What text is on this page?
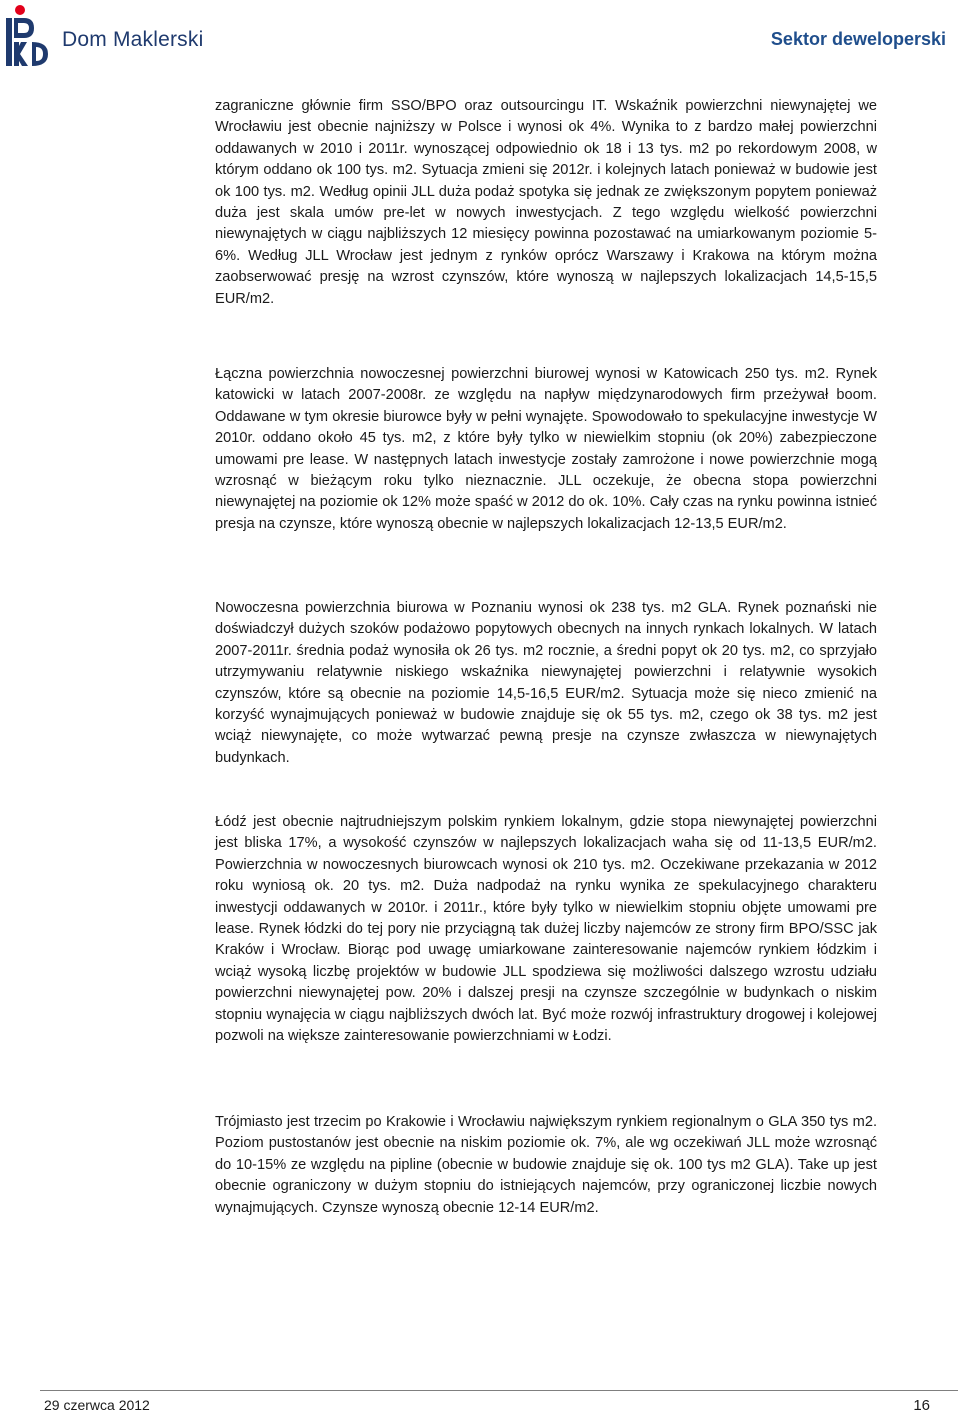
Dom Maklerski	Sektor deweloperski

zagraniczne głównie firm SSO/BPO oraz outsourcingu IT. Wskaźnik powierzchni niewynajętej we Wrocławiu jest obecnie najniższy w Polsce i wynosi ok 4%. Wynika to z bardzo małej powierzchni oddawanych w 2010 i 2011r. wynoszącej odpowiednio ok 18 i 13 tys. m2 po rekordowym 2008, w którym oddano ok 100 tys. m2. Sytuacja zmieni się 2012r. i kolejnych latach ponieważ w budowie jest ok 100 tys. m2. Według opinii JLL duża podaż spotyka się jednak ze zwiększonym popytem ponieważ duża jest skala umów pre-let w nowych inwestycjach. Z tego względu wielkość powierzchni niewynajętych w ciągu najbliższych 12 miesięcy powinna pozostawać na umiarkowanym poziomie 5-6%. Według JLL Wrocław jest jednym z rynków oprócz Warszawy i Krakowa na którym można zaobserwować presję na wzrost czynszów, które wynoszą w najlepszych lokalizacjach 14,5-15,5 EUR/m2.

Łączna powierzchnia nowoczesnej powierzchni biurowej wynosi w Katowicach 250 tys. m2. Rynek katowicki w latach 2007-2008r. ze względu na napływ międzynarodowych firm przeżywał boom. Oddawane w tym okresie biurowce były w pełni wynajęte. Spowodowało to spekulacyjne inwestycje W 2010r. oddano około 45 tys. m2, z które były tylko w niewielkim stopniu (ok 20%) zabezpieczone umowami pre lease. W następnych latach inwestycje zostały zamrożone i nowe powierzchnie mogą wzrosnąć w bieżącym roku tylko nieznacznie. JLL oczekuje, że obecna stopa powierzchni niewynajętej na poziomie ok 12% może spaść w 2012 do ok. 10%. Cały czas na rynku powinna istnieć presja na czynsze, które wynoszą obecnie w najlepszych lokalizacjach 12-13,5 EUR/m2.

Nowoczesna powierzchnia biurowa w Poznaniu wynosi ok 238 tys. m2 GLA. Rynek poznański nie doświadczył dużych szoków podażowo popytowych obecnych na innych rynkach lokalnych. W latach 2007-2011r. średnia podaż wynosiła ok 26 tys. m2 rocznie, a średni popyt ok 20 tys. m2, co sprzyjało utrzymywaniu relatywnie niskiego wskaźnika niewynajętej powierzchni i relatywnie wysokich czynszów, które są obecnie na poziomie 14,5-16,5 EUR/m2. Sytuacja może się nieco zmienić na korzyść wynajmujących ponieważ w budowie znajduje się ok 55 tys. m2, czego ok 38 tys. m2 jest wciąż niewynajęte, co może wytwarzać pewną presje na czynsze zwłaszcza w niewynajętych budynkach.

Łódź jest obecnie najtrudniejszym polskim rynkiem lokalnym, gdzie stopa niewynajętej powierzchni jest bliska 17%, a wysokość czynszów w najlepszych lokalizacjach waha się od 11-13,5 EUR/m2. Powierzchnia w nowoczesnych biurowcach wynosi ok 210 tys. m2. Oczekiwane przekazania w 2012 roku wyniosą ok. 20 tys. m2. Duża nadpodaż na rynku wynika ze spekulacyjnego charakteru inwestycji oddawanych w 2010r. i 2011r., które były tylko w niewielkim stopniu objęte umowami pre lease. Rynek łódzki do tej pory nie przyciągną tak dużej liczby najemców ze strony firm BPO/SSC jak Kraków i Wrocław. Biorąc pod uwagę umiarkowane zainteresowanie najemców rynkiem łódzkim i wciąż wysoką liczbę projektów w budowie JLL spodziewa się możliwości dalszego wzrostu udziału powierzchni niewynajętej pow. 20% i dalszej presji na czynsze szczególnie w budynkach o niskim stopniu wynajęcia w ciągu najbliższych dwóch lat. Być może rozwój infrastruktury drogowej i kolejowej pozwoli na większe zainteresowanie powierzchniami w Łodzi.

Trójmiasto jest trzecim po Krakowie i Wrocławiu największym rynkiem regionalnym o GLA 350 tys m2. Poziom pustostanów jest obecnie na niskim poziomie ok. 7%, ale wg oczekiwań JLL może wzrosnąć do 10-15% ze względu na pipline (obecnie w budowie znajduje się ok. 100 tys m2 GLA). Take up jest obecnie ograniczony w dużym stopniu do istniejących najemców, przy ograniczonej liczbie nowych wynajmujących. Czynsze wynoszą obecnie 12-14 EUR/m2.

29 czerwca 2012	16
